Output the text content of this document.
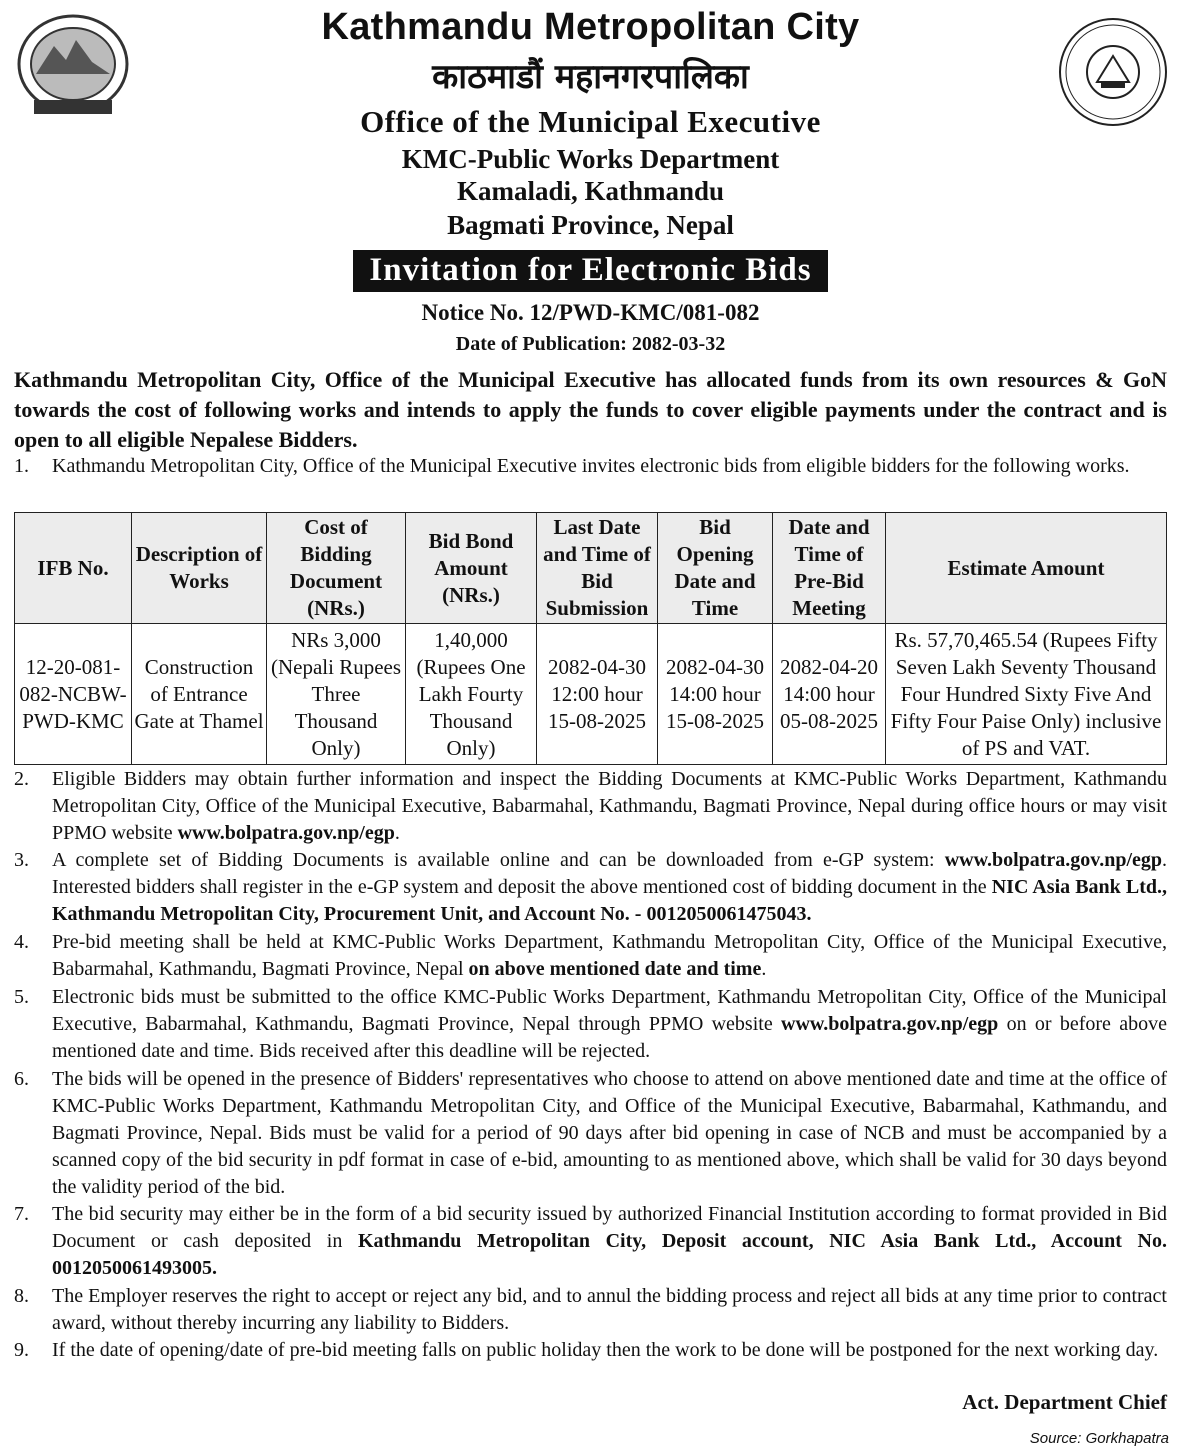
Kathmandu Metropolitan City
काठमाडौं महानगरपालिका
Office of the Municipal Executive
KMC-Public Works Department
Kamaladi, Kathmandu
Bagmati Province, Nepal
Invitation for Electronic Bids
Notice No. 12/PWD-KMC/081-082
Date of Publication: 2082-03-32
Kathmandu Metropolitan City, Office of the Municipal Executive has allocated funds from its own resources & GoN towards the cost of following works and intends to apply the funds to cover eligible payments under the contract and is open to all eligible Nepalese Bidders.
1.	Kathmandu Metropolitan City, Office of the Municipal Executive invites electronic bids from eligible bidders for the following works.
IFB No.	Description of Works	Cost of Bidding Document (NRs.)	Bid Bond Amount (NRs.)	Last Date and Time of Bid Submission	Bid Opening Date and Time	Date and Time of Pre-Bid Meeting	Estimate Amount
12-20-081-082-NCBW-PWD-KMC	Construction of Entrance Gate at Thamel	NRs 3,000 (Nepali Rupees Three Thousand Only)	1,40,000 (Rupees One Lakh Fourty Thousand Only)	2082-04-30 12:00 hour 15-08-2025	2082-04-30 14:00 hour 15-08-2025	2082-04-20 14:00 hour 05-08-2025	Rs. 57,70,465.54 (Rupees Fifty Seven Lakh Seventy Thousand Four Hundred Sixty Five And Fifty Four Paise Only) inclusive of PS and VAT.
2.	Eligible Bidders may obtain further information and inspect the Bidding Documents at KMC-Public Works Department, Kathmandu Metropolitan City, Office of the Municipal Executive, Babarmahal, Kathmandu, Bagmati Province, Nepal during office hours or may visit PPMO website www.bolpatra.gov.np/egp.
3.	A complete set of Bidding Documents is available online and can be downloaded from e-GP system: www.bolpatra.gov.np/egp. Interested bidders shall register in the e-GP system and deposit the above mentioned cost of bidding document in the NIC Asia Bank Ltd., Kathmandu Metropolitan City, Procurement Unit, and Account No. - 0012050061475043.
4.	Pre-bid meeting shall be held at KMC-Public Works Department, Kathmandu Metropolitan City, Office of the Municipal Executive, Babarmahal, Kathmandu, Bagmati Province, Nepal on above mentioned date and time.
5.	Electronic bids must be submitted to the office KMC-Public Works Department, Kathmandu Metropolitan City, Office of the Municipal Executive, Babarmahal, Kathmandu, Bagmati Province, Nepal through PPMO website www.bolpatra.gov.np/egp on or before above mentioned date and time. Bids received after this deadline will be rejected.
6.	The bids will be opened in the presence of Bidders' representatives who choose to attend on above mentioned date and time at the office of KMC-Public Works Department, Kathmandu Metropolitan City, and Office of the Municipal Executive, Babarmahal, Kathmandu, and Bagmati Province, Nepal. Bids must be valid for a period of 90 days after bid opening in case of NCB and must be accompanied by a scanned copy of the bid security in pdf format in case of e-bid, amounting to as mentioned above, which shall be valid for 30 days beyond the validity period of the bid.
7.	The bid security may either be in the form of a bid security issued by authorized Financial Institution according to format provided in Bid Document or cash deposited in Kathmandu Metropolitan City, Deposit account, NIC Asia Bank Ltd., Account No. 0012050061493005.
8.	The Employer reserves the right to accept or reject any bid, and to annul the bidding process and reject all bids at any time prior to contract award, without thereby incurring any liability to Bidders.
9.	If the date of opening/date of pre-bid meeting falls on public holiday then the work to be done will be postponed for the next working day.
Act. Department Chief
Source: Gorkhapatra
